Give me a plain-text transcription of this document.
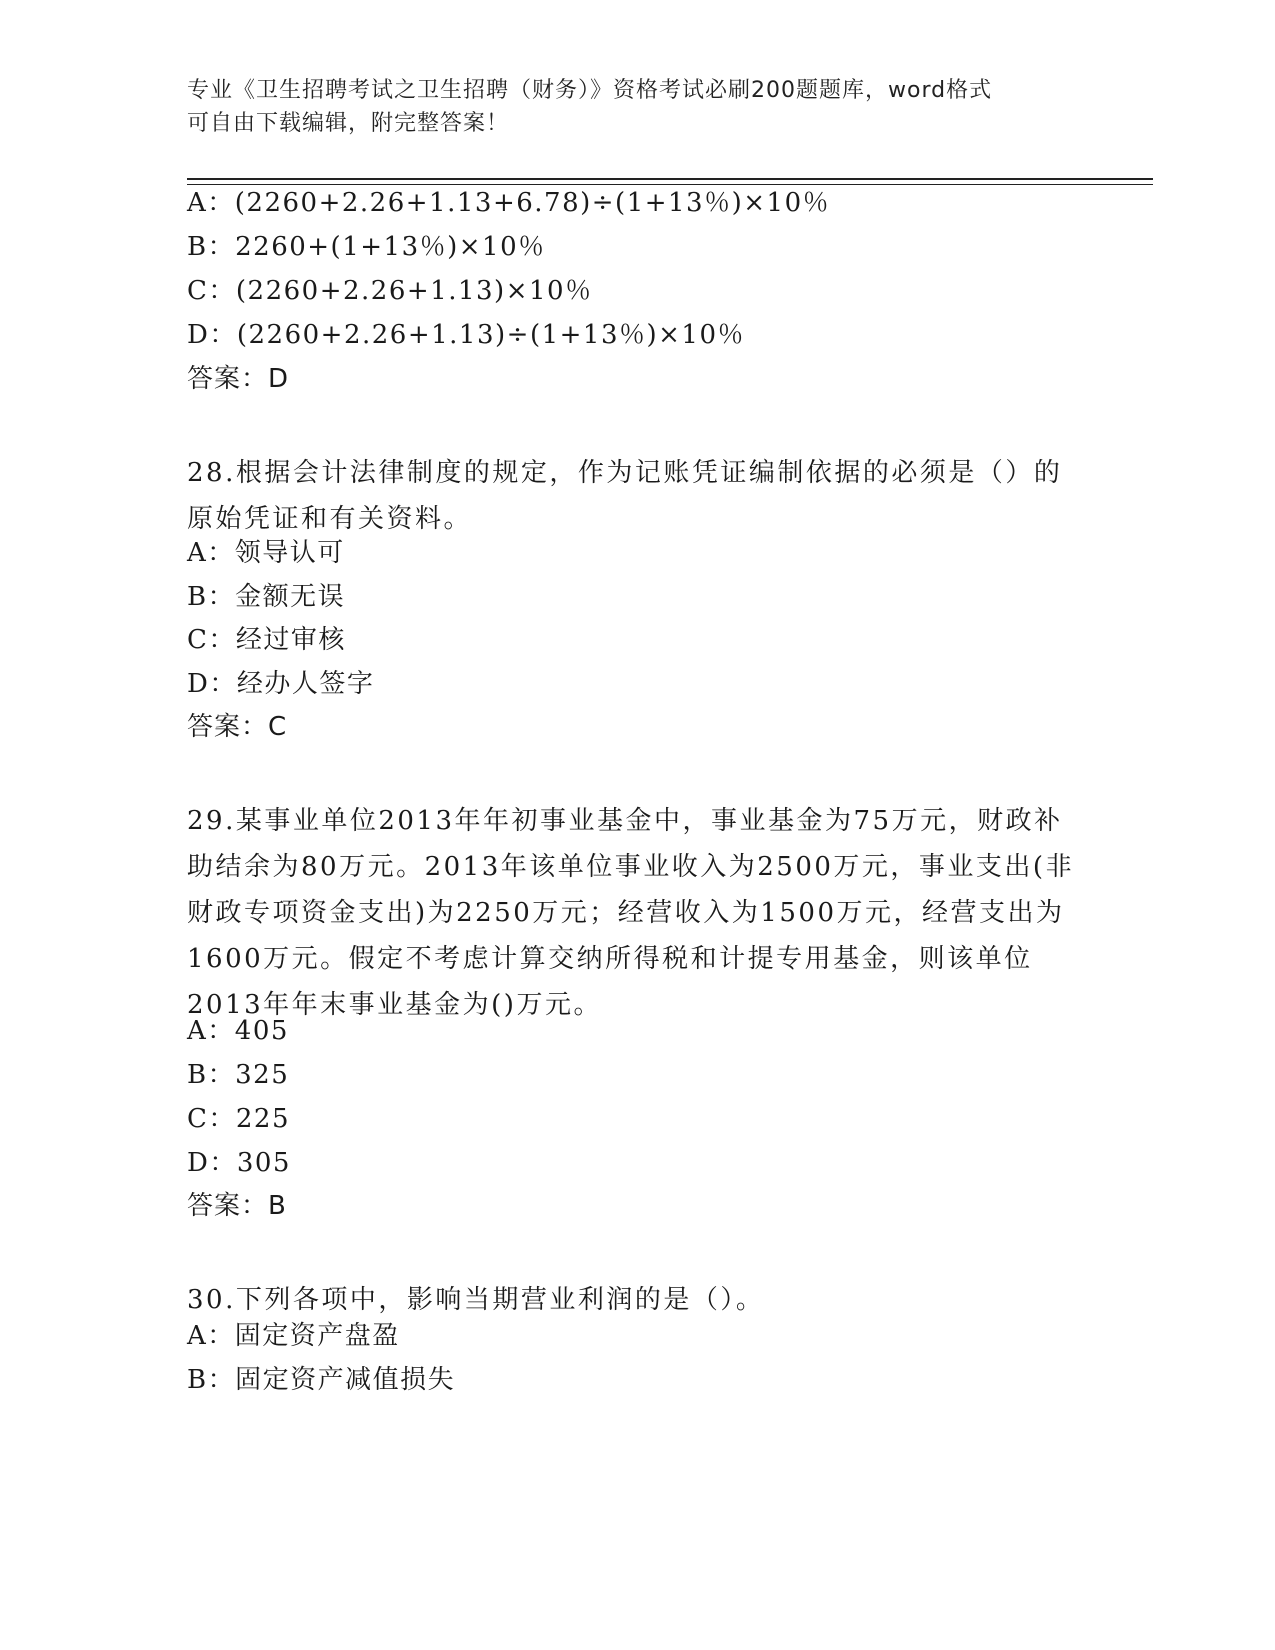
专业《卫生招聘考试之卫生招聘（财务）》资格考试必刷200题题库，word格式
可自由下载编辑，附完整答案！
A：(2260+2.26+1.13+6.78)÷(1+13％)×10％
B：2260+(1+13％)×10％
C：(2260+2.26+1.13)×10％
D：(2260+2.26+1.13)÷(1+13％)×10％
答案：D
28.根据会计法律制度的规定，作为记账凭证编制依据的必须是（）的
原始凭证和有关资料。
A：领导认可
B：金额无误
C：经过审核
D：经办人签字
答案：C
29.某事业单位2013年年初事业基金中，事业基金为75万元，财政补
助结余为80万元。2013年该单位事业收入为2500万元，事业支出(非
财政专项资金支出)为2250万元；经营收入为1500万元，经营支出为
1600万元。假定不考虑计算交纳所得税和计提专用基金，则该单位
2013年年末事业基金为()万元。
A：405
B：325
C：225
D：305
答案：B
30.下列各项中，影响当期营业利润的是（）。
A：固定资产盘盈
B：固定资产减值损失
